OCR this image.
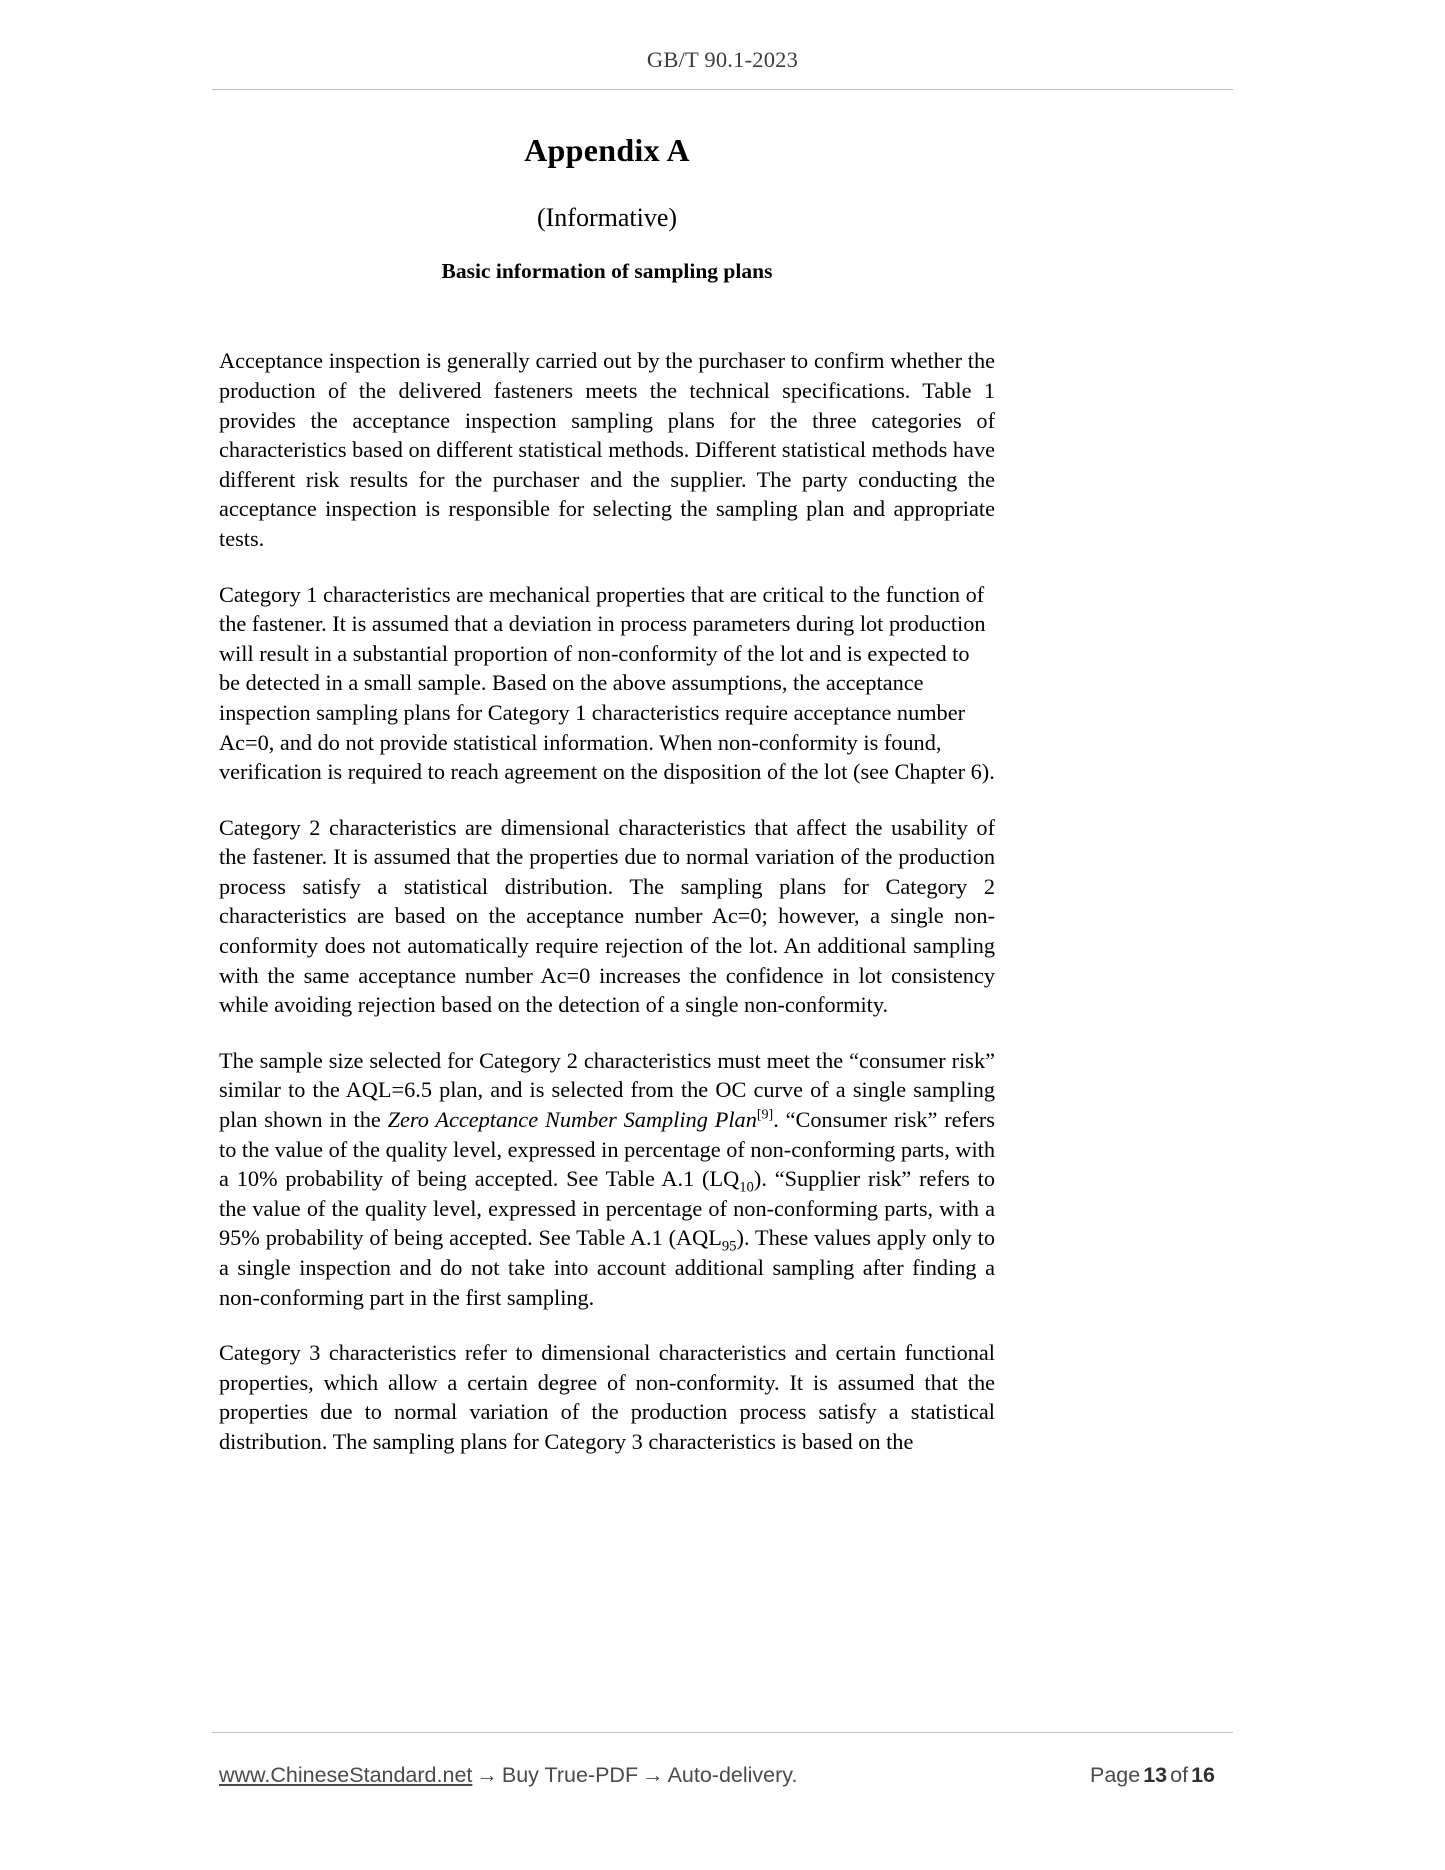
GB/T 90.1-2023
Appendix A
(Informative)
Basic information of sampling plans

Acceptance inspection is generally carried out by the purchaser to confirm whether the production of the delivered fasteners meets the technical specifications. Table 1 provides the acceptance inspection sampling plans for the three categories of characteristics based on different statistical methods. Different statistical methods have different risk results for the purchaser and the supplier. The party conducting the acceptance inspection is responsible for selecting the sampling plan and appropriate tests.

Category 1 characteristics are mechanical properties that are critical to the function of the fastener. It is assumed that a deviation in process parameters during lot production will result in a substantial proportion of non-conformity of the lot and is expected to be detected in a small sample. Based on the above assumptions, the acceptance inspection sampling plans for Category 1 characteristics require acceptance number Ac=0, and do not provide statistical information. When non-conformity is found, verification is required to reach agreement on the disposition of the lot (see Chapter 6).

Category 2 characteristics are dimensional characteristics that affect the usability of the fastener. It is assumed that the properties due to normal variation of the production process satisfy a statistical distribution. The sampling plans for Category 2 characteristics are based on the acceptance number Ac=0; however, a single non-conformity does not automatically require rejection of the lot. An additional sampling with the same acceptance number Ac=0 increases the confidence in lot consistency while avoiding rejection based on the detection of a single non-conformity.

The sample size selected for Category 2 characteristics must meet the “consumer risk” similar to the AQL=6.5 plan, and is selected from the OC curve of a single sampling plan shown in the Zero Acceptance Number Sampling Plan[9]. “Consumer risk” refers to the value of the quality level, expressed in percentage of non-conforming parts, with a 10% probability of being accepted. See Table A.1 $(LQ_{10})$. “Supplier risk” refers to the value of the quality level, expressed in percentage of non-conforming parts, with a 95% probability of being accepted. See Table A.1 $(AQL_{95})$. These values apply only to a single inspection and do not take into account additional sampling after finding a non-conforming part in the first sampling.

Category 3 characteristics refer to dimensional characteristics and certain functional properties, which allow a certain degree of non-conformity. It is assumed that the properties due to normal variation of the production process satisfy a statistical distribution. The sampling plans for Category 3 characteristics is based on the

www.ChineseStandard.net → Buy True-PDF → Auto-delivery.	Page 13 of 16
